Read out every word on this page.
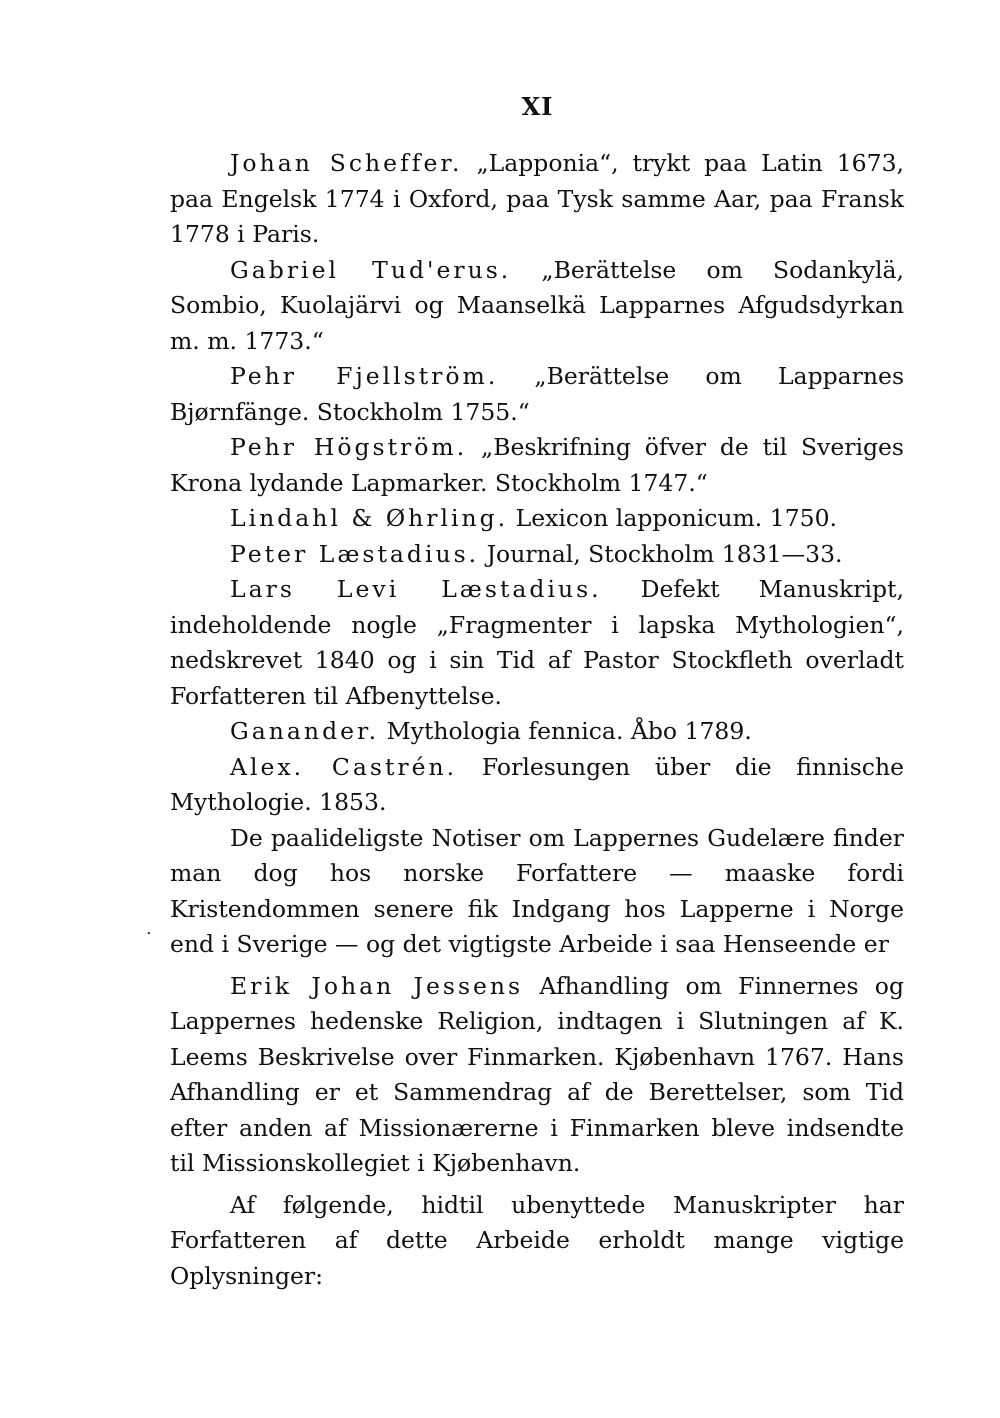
XI
.

Johan Scheffer. „Lapponia“, trykt paa Latin 1673, paa Engelsk 1774 i Oxford, paa Tysk samme Aar, paa Fransk 1778 i Paris.

Gabriel Tud'erus. „Berättelse om Sodankylä, Sombio, Kuolajärvi og Maanselkä Lapparnes Afgudsdyrkan m. m. 1773.“

Pehr Fjellström. „Berättelse om Lapparnes Bjørnfänge. Stockholm 1755.“

Pehr Högström. „Beskrifning öfver de til Sveriges Krona lydande Lapmarker. Stockholm 1747.“

Lindahl & Øhrling. Lexicon lapponicum. 1750.

Peter Læstadius. Journal, Stockholm 1831—33.

Lars Levi Læstadius. Defekt Manuskript, indeholdende nogle „Fragmenter i lapska Mythologien“, nedskrevet 1840 og i sin Tid af Pastor Stockfleth overladt Forfatteren til Afbenyttelse.

Ganander. Mythologia fennica. Åbo 1789.

Alex. Castrén. Forlesungen über die finnische Mythologie. 1853.

De paalideligste Notiser om Lappernes Gudelære finder man dog hos norske Forfattere — maaske fordi Kristendommen senere fik Indgang hos Lapperne i Norge end i Sverige — og det vigtigste Arbeide i saa Henseende er

Erik Johan Jessens Afhandling om Finnernes og Lappernes hedenske Religion, indtagen i Slutningen af K. Leems Beskrivelse over Finmarken. Kjøbenhavn 1767. Hans Afhandling er et Sammendrag af de Berettelser, som Tid efter anden af Missionærerne i Finmarken bleve indsendte til Missionskollegiet i Kjøbenhavn.

Af følgende, hidtil ubenyttede Manuskripter har Forfatteren af dette Arbeide erholdt mange vigtige Oplysninger:
